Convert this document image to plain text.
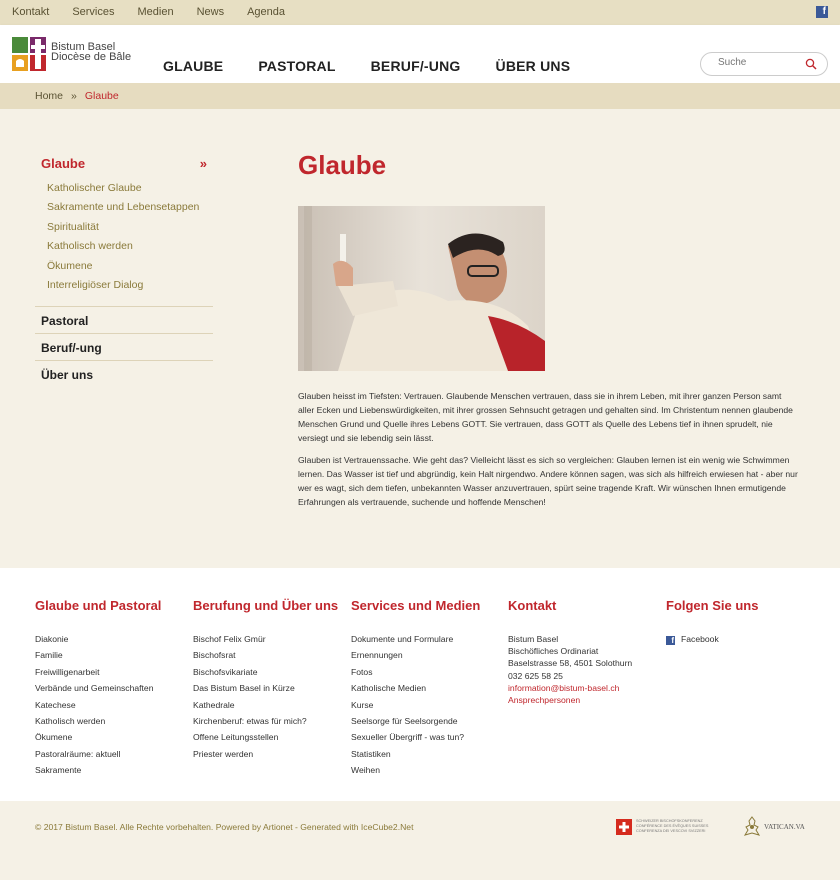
Kontakt Services Medien News Agenda	f
Bistum Basel
Diocèse de Bâle
GLAUBE	PASTORAL	BERUF/-UNG	ÜBER UNS
Suche
Home » Glaube
Glaube	»
Katholischer Glaube
Sakramente und Lebensetappen
Spiritualität
Katholisch werden
Ökumene
Interreligiöser Dialog
Pastoral
Beruf/-ung
Über uns
Glaube

Glauben heisst im Tiefsten: Vertrauen. Glaubende Menschen vertrauen, dass sie in ihrem Leben, mit ihrer ganzen Person samt aller Ecken und Liebenswürdigkeiten, mit ihrer grossen Sehnsucht getragen und gehalten sind. Im Christentum nennen glaubende Menschen Grund und Quelle ihres Lebens GOTT. Sie vertrauen, dass GOTT als Quelle des Lebens tief in ihnen sprudelt, nie versiegt und sie lebendig sein lässt.

Glauben ist Vertrauenssache. Wie geht das? Vielleicht lässt es sich so vergleichen: Glauben lernen ist ein wenig wie Schwimmen lernen. Das Wasser ist tief und abgründig, kein Halt nirgendwo. Andere können sagen, was sich als hilfreich erwiesen hat - aber nur wer es wagt, sich dem tiefen, unbekannten Wasser anzuvertrauen, spürt seine tragende Kraft. Wir wünschen Ihnen ermutigende Erfahrungen als vertrauende, suchende und hoffende Menschen!

Glaube und Pastoral
Diakonie
Familie
Freiwilligenarbeit
Verbände und Gemeinschaften
Katechese
Katholisch werden
Ökumene
Pastoralräume: aktuell
Sakramente
Berufung und Über uns
Bischof Felix Gmür
Bischofsrat
Bischofsvikariate
Das Bistum Basel in Kürze
Kathedrale
Kirchenberuf: etwas für mich?
Offene Leitungsstellen
Priester werden
Services und Medien
Dokumente und Formulare
Ernennungen
Fotos
Katholische Medien
Kurse
Seelsorge für Seelsorgende
Sexueller Übergriff - was tun?
Statistiken
Weihen
Kontakt
Bistum Basel
Bischöfliches Ordinariat
Baselstrasse 58, 4501 Solothurn
032 625 58 25
information@bistum-basel.ch
Ansprechpersonen
Folgen Sie uns
f Facebook
© 2017 Bistum Basel. Alle Rechte vorbehalten. Powered by Artionet - Generated with IceCube2.Net
SCHWEIZER BISCHOFSKONFERENZ
CONFÉRENCE DES ÉVÊQUES SUISSES
CONFERENZA DEI VESCOVI SVIZZERI	VATICAN.VA
